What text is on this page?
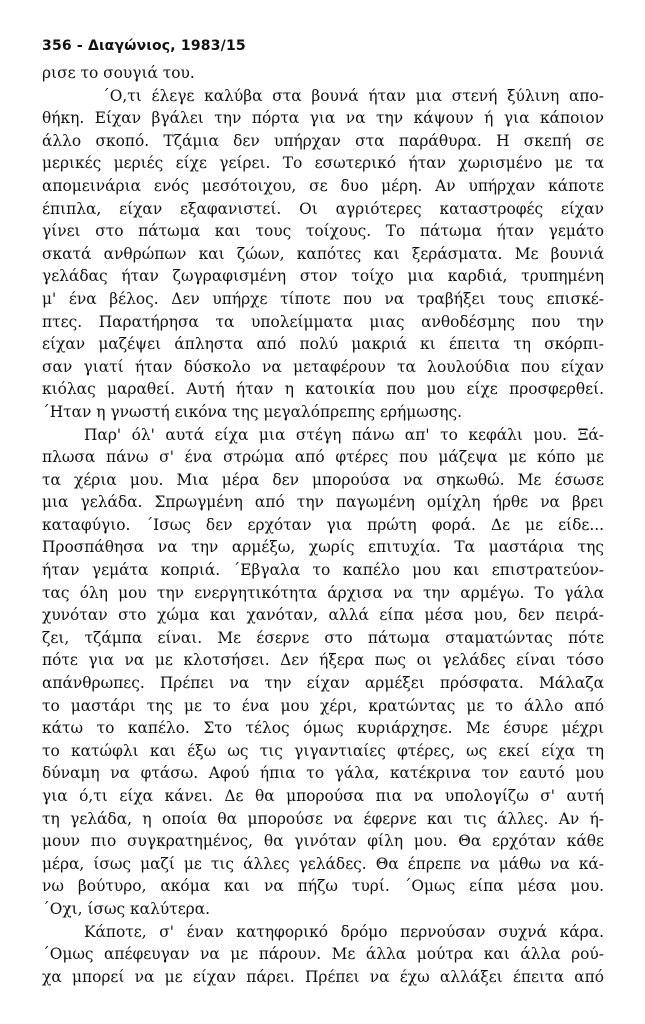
356 - Διαγώνιος, 1983/15
ρισε το σουγιά του.
΄Ο,τι έλεγε καλύβα στα βουνά ήταν μια στενή ξύλινη απο-
θήκη. Είχαν βγάλει την πόρτα για να την κάψουν ή για κάποιον
άλλο σκοπό. Τζάμια δεν υπήρχαν στα παράθυρα. Η σκεπή σε
μερικές μεριές είχε γείρει. Το εσωτερικό ήταν χωρισμένο με τα
απομεινάρια ενός μεσότοιχου, σε δυο μέρη. Αν υπήρχαν κάποτε
έπιπλα, είχαν εξαφανιστεί. Οι αγριότερες καταστροφές είχαν
γίνει στο πάτωμα και τους τοίχους. Το πάτωμα ήταν γεμάτο
σκατά ανθρώπων και ζώων, καπότες και ξεράσματα. Με βουνιά
γελάδας ήταν ζωγραφισμένη στον τοίχο μια καρδιά, τρυπημένη
μ' ένα βέλος. Δεν υπήρχε τίποτε που να τραβήξει τους επισκέ-
πτες. Παρατήρησα τα υπολείμματα μιας ανθοδέσμης που την
είχαν μαζέψει άπληστα από πολύ μακριά κι έπειτα τη σκόρπι-
σαν γιατί ήταν δύσκολο να μεταφέρουν τα λουλούδια που είχαν
κιόλας μαραθεί. Αυτή ήταν η κατοικία που μου είχε προσφερθεί.
΄Ηταν η γνωστή εικόνα της μεγαλόπρεπης ερήμωσης.
Παρ' όλ' αυτά είχα μια στέγη πάνω απ' το κεφάλι μου. Ξά-
πλωσα πάνω σ' ένα στρώμα από φτέρες που μάζεψα με κόπο με
τα χέρια μου. Μια μέρα δεν μπορούσα να σηκωθώ. Με έσωσε
μια γελάδα. Σπρωγμένη από την παγωμένη ομίχλη ήρθε να βρει
καταφύγιο. ΄Ισως δεν ερχόταν για πρώτη φορά. Δε με είδε...
Προσπάθησα να την αρμέξω, χωρίς επιτυχία. Τα μαστάρια της
ήταν γεμάτα κοπριά. ΄Εβγαλα το καπέλο μου και επιστρατεύον-
τας όλη μου την ενεργητικότητα άρχισα να την αρμέγω. Το γάλα
χυνόταν στο χώμα και χανόταν, αλλά είπα μέσα μου, δεν πειρά-
ζει, τζάμπα είναι. Με έσερνε στο πάτωμα σταματώντας πότε
πότε για να με κλοτσήσει. Δεν ήξερα πως οι γελάδες είναι τόσο
απάνθρωπες. Πρέπει να την είχαν αρμέξει πρόσφατα. Μάλαζα
το μαστάρι της με το ένα μου χέρι, κρατώντας με το άλλο από
κάτω το καπέλο. Στο τέλος όμως κυριάρχησε. Με έσυρε μέχρι
το κατώφλι και έξω ως τις γιγαντιαίες φτέρες, ως εκεί είχα τη
δύναμη να φτάσω. Αφού ήπια το γάλα, κατέκρινα τον εαυτό μου
για ό,τι είχα κάνει. Δε θα μπορούσα πια να υπολογίζω σ' αυτή
τη γελάδα, η οποία θα μπορούσε να έφερνε και τις άλλες. Αν ή-
μουν πιο συγκρατημένος, θα γινόταν φίλη μου. Θα ερχόταν κάθε
μέρα, ίσως μαζί με τις άλλες γελάδες. Θα έπρεπε να μάθω να κά-
νω βούτυρο, ακόμα και να πήζω τυρί. ΄Ομως είπα μέσα μου.
΄Οχι, ίσως καλύτερα.
Κάποτε, σ' έναν κατηφορικό δρόμο περνούσαν συχνά κάρα.
΄Ομως απέφευγαν να με πάρουν. Με άλλα μούτρα και άλλα ρού-
χα μπορεί να με είχαν πάρει. Πρέπει να έχω αλλάξει έπειτα από
